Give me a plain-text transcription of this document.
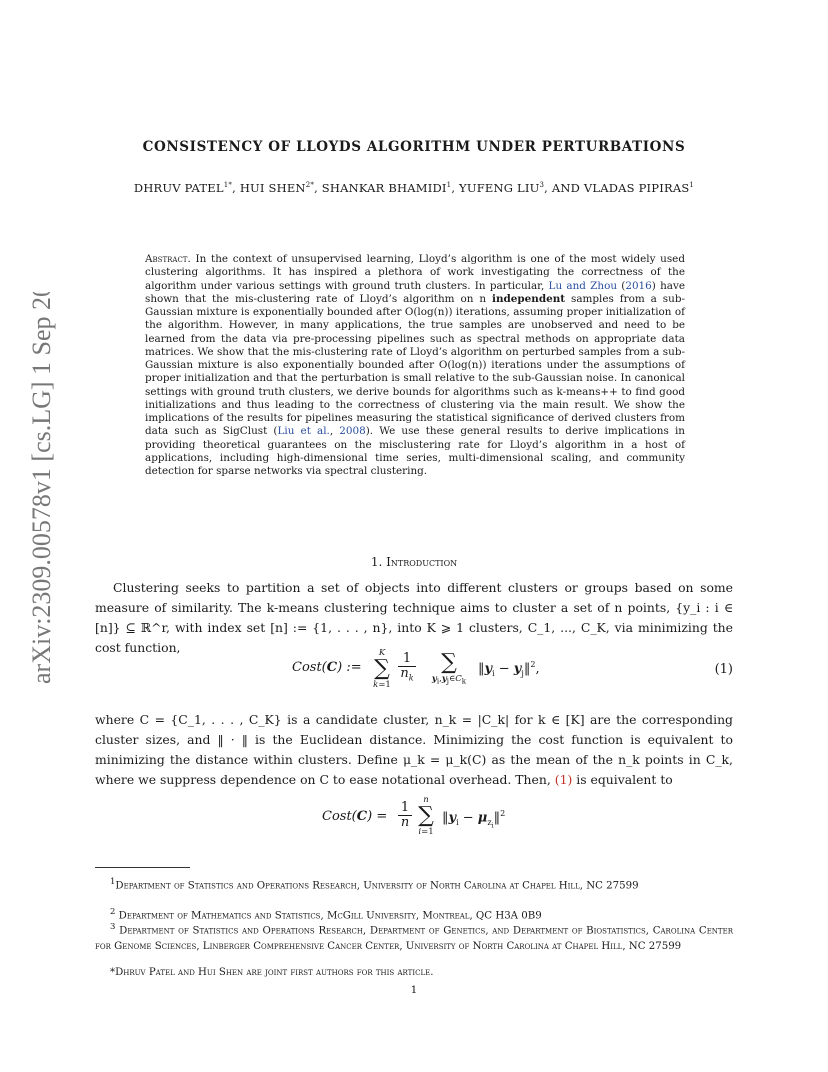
arXiv:2309.00578v1 [cs.LG] 1 Sep 2023
CONSISTENCY OF LLOYDS ALGORITHM UNDER PERTURBATIONS
DHRUV $PATEL^{1*}$, HUI $SHEN^{2*}$, SHANKAR BHAMIDI$^1$, YUFENG LIU$^3$, AND VLADAS PIPIRAS$^1$
Abstract. In the context of unsupervised learning, Lloyd’s algorithm is one of the most widely used clustering algorithms. It has inspired a plethora of work investigating the correctness of the algorithm under various settings with ground truth clusters. In particular, Lu and Zhou (2016) have shown that the mis-clustering rate of Lloyd’s algorithm on n independent samples from a sub-Gaussian mixture is exponentially bounded after O(log(n)) iterations, assuming proper initialization of the algorithm. However, in many applications, the true samples are unobserved and need to be learned from the data via pre-processing pipelines such as spectral methods on appropriate data matrices. We show that the mis-clustering rate of Lloyd’s algorithm on perturbed samples from a sub-Gaussian mixture is also exponentially bounded after O(log(n)) iterations under the assumptions of proper initialization and that the perturbation is small relative to the sub-Gaussian noise. In canonical settings with ground truth clusters, we derive bounds for algorithms such as k-means++ to find good initializations and thus leading to the correctness of clustering via the main result. We show the implications of the results for pipelines measuring the statistical significance of derived clusters from data such as SigClust (Liu et al., 2008). We use these general results to derive implications in providing theoretical guarantees on the misclustering rate for Lloyd’s algorithm in a host of applications, including high-dimensional time series, multi-dimensional scaling, and community detection for sparse networks via spectral clustering.
1. Introduction
Clustering seeks to partition a set of objects into different clusters or groups based on some measure of similarity. The k-means clustering technique aims to cluster a set of n points, {y_i : i ∈ [n]} ⊆ ℝ^r, with index set [n] := {1, . . . , n}, into K ⩾ 1 clusters, C_1, ..., C_K, via minimizing the cost function,
Cost(C) :=
K
∑
k=1
1
$n_k$
∑
$y_i,y_j\in C_k$
$‖y_i$ − $y_j‖^2$,	(1)
where C = {C_1, . . . , C_K} is a candidate cluster, n_k = |C_k| for k ∈ [K] are the corresponding cluster sizes, and ‖ · ‖ is the Euclidean distance. Minimizing the cost function is equivalent to minimizing the distance within clusters. Define μ_k = μ_k(C) as the mean of the n_k points in C_k, where we suppress dependence on C to ease notational overhead. Then, (1) is equivalent to
Cost(C) =
1
n
n
∑
i=1
$‖y_i$ − $\mu_{z_i}‖^2$
$^1$Department of Statistics and Operations Research, University of North Carolina at Chapel Hill, NC 27599
$^2$ Department of Mathematics and Statistics, McGill University, Montreal, QC H3A 0B9
$^3$ Department of Statistics and Operations Research, Department of Genetics, and Department of Biostatistics, Carolina Center for Genome Sciences, Linberger Comprehensive Cancer Center, University of North Carolina at Chapel Hill, NC 27599
*Dhruv Patel and Hui Shen are joint first authors for this article.
1
